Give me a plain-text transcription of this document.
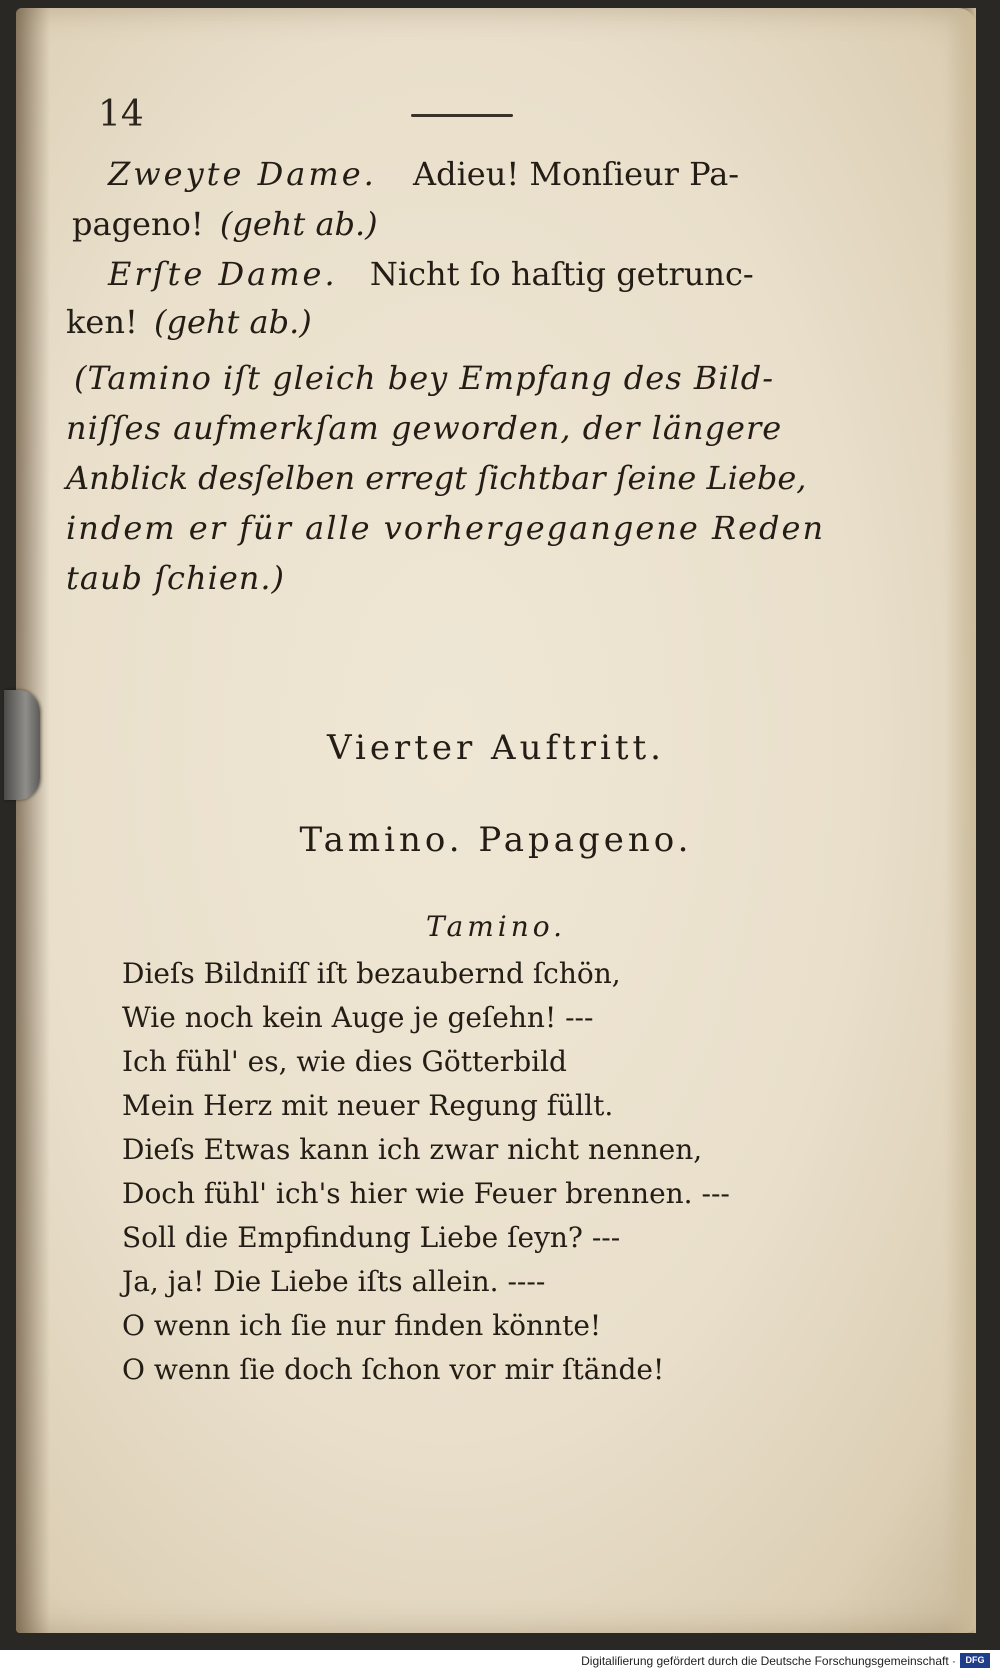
14
Zweyte Dame. Adieu! Monſieur Pa-
pageno! (geht ab.)
Erſte Dame. Nicht ſo haſtig getrunc-
ken! (geht ab.)
(Tamino iſt gleich bey Empfang des Bild-
niſſes aufmerkſam geworden, der längere
Anblick desſelben erregt ſichtbar ſeine Liebe,
indem er für alle vorhergegangene Reden
taub ſchien.)
Vierter Auftritt.
Tamino. Papageno.
Tamino.
Dieſs Bildniſſ iſt bezaubernd ſchön,
Wie noch kein Auge je geſehn! ---
Ich fühl' es, wie dies Götterbild
Mein Herz mit neuer Regung füllt.
Dieſs Etwas kann ich zwar nicht nennen,
Doch fühl' ich's hier wie Feuer brennen. ---
Soll die Empfindung Liebe ſeyn? ---
Ja, ja! Die Liebe iſts allein. ----
O wenn ich ſie nur finden könnte!
O wenn ſie doch ſchon vor mir ſtände!
Digitaliſierung gefördert durch die Deutsche Forschungsgemeinschaft ·	DFG
